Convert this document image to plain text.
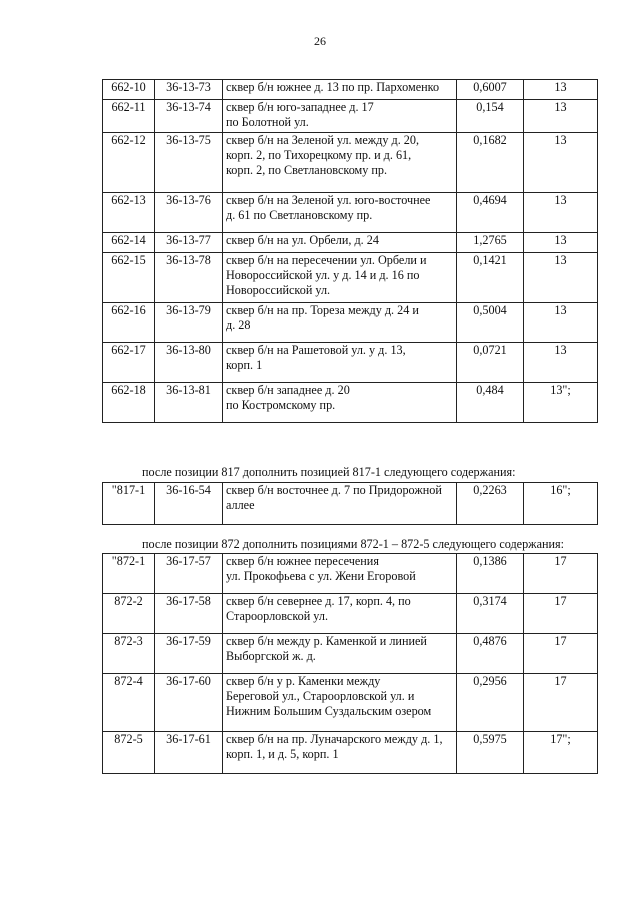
26
662-10	36-13-73	сквер б/н южнее д. 13 по пр. Пархоменко	0,6007	13
662-11	36-13-74	сквер б/н юго-западнее д. 17
по Болотной ул.	0,154	13
662-12	36-13-75	сквер б/н на Зеленой ул. между д. 20,
корп. 2, по Тихорецкому пр. и д. 61,
корп. 2, по Светлановскому пр.	0,1682	13
662-13	36-13-76	сквер б/н на Зеленой ул. юго-восточнее
д. 61 по Светлановскому пр.	0,4694	13
662-14	36-13-77	сквер б/н на ул. Орбели, д. 24	1,2765	13
662-15	36-13-78	сквер б/н на пересечении ул. Орбели и
Новороссийской ул. у д. 14 и д. 16 по
Новороссийской ул.	0,1421	13
662-16	36-13-79	сквер б/н на пр. Тореза между д. 24 и
д. 28	0,5004	13
662-17	36-13-80	сквер б/н на Рашетовой ул. у д. 13,
корп. 1	0,0721	13
662-18	36-13-81	сквер б/н западнее д. 20
по Костромскому пр.	0,484	13";
после позиции 817 дополнить позицией 817-1 следующего содержания:
"817-1	36-16-54	сквер б/н восточнее д. 7 по Придорожной
аллее	0,2263	16";
после позиции 872 дополнить позициями 872-1 – 872-5 следующего содержания:
"872-1	36-17-57	сквер б/н южнее пересечения
ул. Прокофьева с ул. Жени Егоровой	0,1386	17
872-2	36-17-58	сквер б/н севернее д. 17, корп. 4, по
Староорловской ул.	0,3174	17
872-3	36-17-59	сквер б/н между р. Каменкой и линией
Выборгской ж. д.	0,4876	17
872-4	36-17-60	сквер б/н у р. Каменки между
Береговой ул., Староорловской ул. и
Нижним Большим Суздальским озером	0,2956	17
872-5	36-17-61	сквер б/н на пр. Луначарского между д. 1,
корп. 1, и д. 5, корп. 1	0,5975	17";
